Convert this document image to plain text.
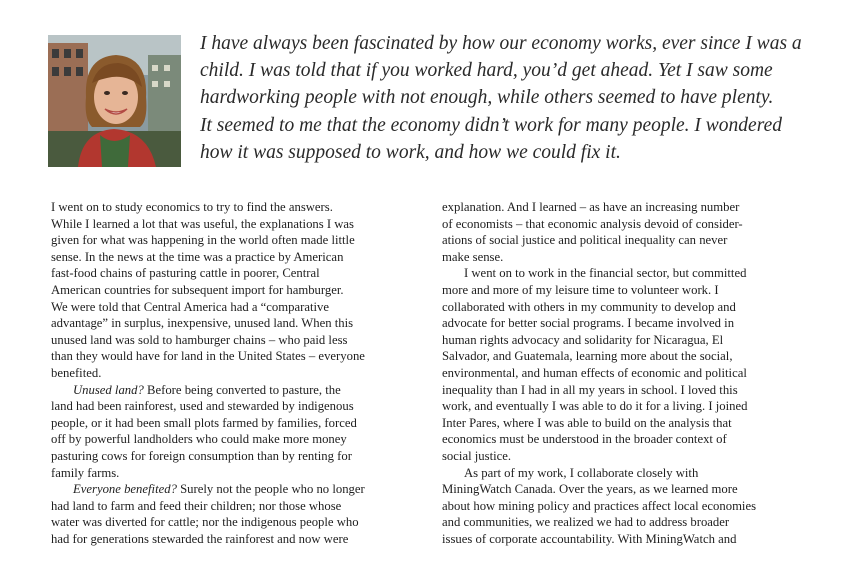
I have always been fascinated by how our economy works, ever since I was a
child. I was told that if you worked hard, you’d get ahead. Yet I saw some
hardworking people with not enough, while others seemed to have plenty.
It seemed to me that the economy didn’t work for many people. I wondered
how it was supposed to work, and how we could fix it.
I went on to study economics to try to find the answers.
While I learned a lot that was useful, the explanations I was
given for what was happening in the world often made little
sense. In the news at the time was a practice by American
fast-food chains of pasturing cattle in poorer, Central
American countries for subsequent import for hamburger.
We were told that Central America had a “comparative
advantage” in surplus, inexpensive, unused land. When this
unused land was sold to hamburger chains – who paid less
than they would have for land in the United States – everyone
benefited.
Unused land? Before being converted to pasture, the
land had been rainforest, used and stewarded by indigenous
people, or it had been small plots farmed by families, forced
off by powerful landholders who could make more money
pasturing cows for foreign consumption than by renting for
family farms.
Everyone benefited? Surely not the people who no longer
had land to farm and feed their children; nor those whose
water was diverted for cattle; nor the indigenous people who
had for generations stewarded the rainforest and now were
explanation. And I learned – as have an increasing number
of economists – that economic analysis devoid of consider-
ations of social justice and political inequality can never
make sense.
I went on to work in the financial sector, but committed
more and more of my leisure time to volunteer work. I
collaborated with others in my community to develop and
advocate for better social programs. I became involved in
human rights advocacy and solidarity for Nicaragua, El
Salvador, and Guatemala, learning more about the social,
environmental, and human effects of economic and political
inequality than I had in all my years in school. I loved this
work, and eventually I was able to do it for a living. I joined
Inter Pares, where I was able to build on the analysis that
economics must be understood in the broader context of
social justice.
As part of my work, I collaborate closely with
MiningWatch Canada. Over the years, as we learned more
about how mining policy and practices affect local economies
and communities, we realized we had to address broader
issues of corporate accountability. With MiningWatch and
